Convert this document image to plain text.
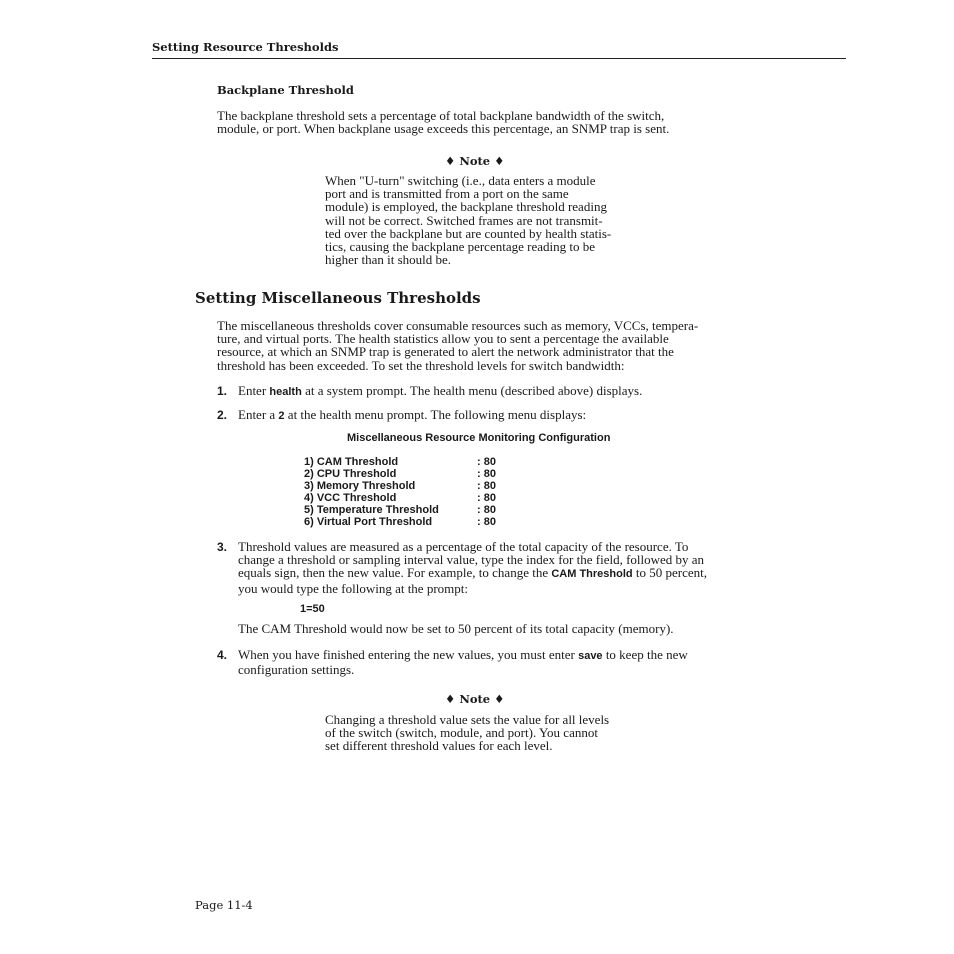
Setting Resource Thresholds
Backplane Threshold
The backplane threshold sets a percentage of total backplane bandwidth of the switch,
module, or port. When backplane usage exceeds this percentage, an SNMP trap is sent.
♦ Note ♦
When "U-turn" switching (i.e., data enters a module
port and is transmitted from a port on the same
module) is employed, the backplane threshold reading
will not be correct. Switched frames are not transmit-
ted over the backplane but are counted by health statis-
tics, causing the backplane percentage reading to be
higher than it should be.
Setting Miscellaneous Thresholds
The miscellaneous thresholds cover consumable resources such as memory, VCCs, tempera-
ture, and virtual ports. The health statistics allow you to sent a percentage the available
resource, at which an SNMP trap is generated to alert the network administrator that the
threshold has been exceeded. To set the threshold levels for switch bandwidth:
1. Enter health at a system prompt. The health menu (described above) displays.
2. Enter a 2 at the health menu prompt. The following menu displays:
Miscellaneous Resource Monitoring Configuration
1) CAM Threshold	: 80
2) CPU Threshold	: 80
3) Memory Threshold	: 80
4) VCC Threshold	: 80
5) Temperature Threshold	: 80
6) Virtual Port Threshold	: 80
3. Threshold values are measured as a percentage of the total capacity of the resource. To
change a threshold or sampling interval value, type the index for the field, followed by an
equals sign, then the new value. For example, to change the CAM Threshold to 50 percent,
you would type the following at the prompt:
1=50
The CAM Threshold would now be set to 50 percent of its total capacity (memory).
4. When you have finished entering the new values, you must enter save to keep the new
configuration settings.
♦ Note ♦
Changing a threshold value sets the value for all levels
of the switch (switch, module, and port). You cannot
set different threshold values for each level.
Page 11-4
